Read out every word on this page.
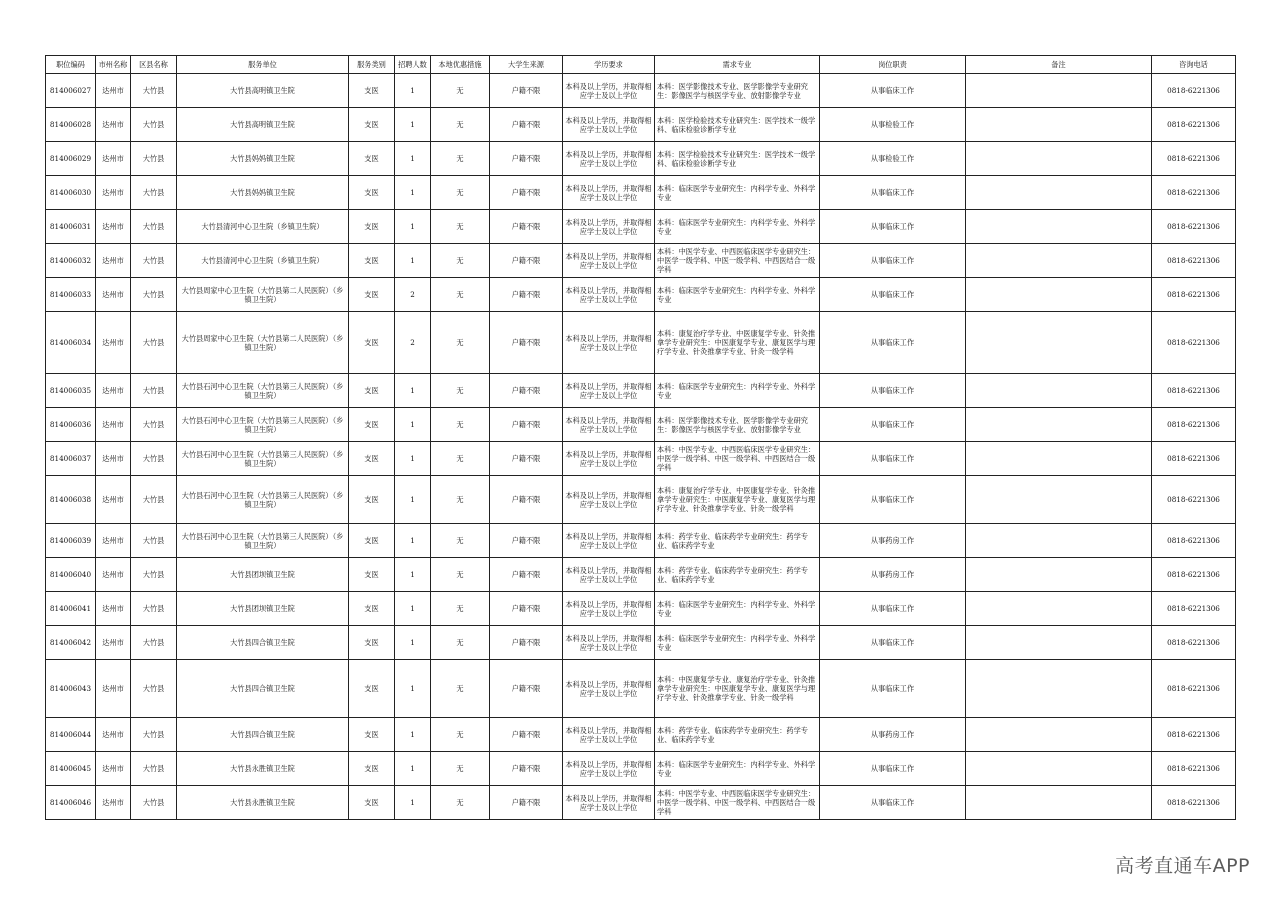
职位编码	市州名称	区县名称	服务单位	服务类别	招聘人数	本地优惠措施	大学生来源	学历要求	需求专业	岗位职责	备注	咨询电话
814006027	达州市	大竹县	大竹县高明镇卫生院	支医	1	无	户籍不限	本科及以上学历，并取得相应学士及以上学位	本科：医学影像技术专业、医学影像学专业研究生：影像医学与核医学专业、放射影像学专业	从事临床工作		0818-6221306
814006028	达州市	大竹县	大竹县高明镇卫生院	支医	1	无	户籍不限	本科及以上学历，并取得相应学士及以上学位	本科：医学检验技术专业研究生：医学技术一级学科、临床检验诊断学专业	从事检验工作		0818-6221306
814006029	达州市	大竹县	大竹县妈妈镇卫生院	支医	1	无	户籍不限	本科及以上学历，并取得相应学士及以上学位	本科：医学检验技术专业研究生：医学技术一级学科、临床检验诊断学专业	从事检验工作		0818-6221306
814006030	达州市	大竹县	大竹县妈妈镇卫生院	支医	1	无	户籍不限	本科及以上学历，并取得相应学士及以上学位	本科：临床医学专业研究生：内科学专业、外科学专业	从事临床工作		0818-6221306
814006031	达州市	大竹县	大竹县清河中心卫生院（乡镇卫生院）	支医	1	无	户籍不限	本科及以上学历，并取得相应学士及以上学位	本科：临床医学专业研究生：内科学专业、外科学专业	从事临床工作		0818-6221306
814006032	达州市	大竹县	大竹县清河中心卫生院（乡镇卫生院）	支医	1	无	户籍不限	本科及以上学历，并取得相应学士及以上学位	本科：中医学专业、中西医临床医学专业研究生：中医学一级学科、中医一级学科、中西医结合一级学科	从事临床工作		0818-6221306
814006033	达州市	大竹县	大竹县周家中心卫生院（大竹县第二人民医院）（乡镇卫生院）	支医	2	无	户籍不限	本科及以上学历，并取得相应学士及以上学位	本科：临床医学专业研究生：内科学专业、外科学专业	从事临床工作		0818-6221306
814006034	达州市	大竹县	大竹县周家中心卫生院（大竹县第二人民医院）（乡镇卫生院）	支医	2	无	户籍不限	本科及以上学历，并取得相应学士及以上学位	本科：康复治疗学专业、中医康复学专业、针灸推拿学专业研究生：中医康复学专业、康复医学与理疗学专业、针灸推拿学专业、针灸一级学科	从事临床工作		0818-6221306
814006035	达州市	大竹县	大竹县石河中心卫生院（大竹县第三人民医院）（乡镇卫生院）	支医	1	无	户籍不限	本科及以上学历，并取得相应学士及以上学位	本科：临床医学专业研究生：内科学专业、外科学专业	从事临床工作		0818-6221306
814006036	达州市	大竹县	大竹县石河中心卫生院（大竹县第三人民医院）（乡镇卫生院）	支医	1	无	户籍不限	本科及以上学历，并取得相应学士及以上学位	本科：医学影像技术专业、医学影像学专业研究生：影像医学与核医学专业、放射影像学专业	从事临床工作		0818-6221306
814006037	达州市	大竹县	大竹县石河中心卫生院（大竹县第三人民医院）（乡镇卫生院）	支医	1	无	户籍不限	本科及以上学历，并取得相应学士及以上学位	本科：中医学专业、中西医临床医学专业研究生：中医学一级学科、中医一级学科、中西医结合一级学科	从事临床工作		0818-6221306
814006038	达州市	大竹县	大竹县石河中心卫生院（大竹县第三人民医院）（乡镇卫生院）	支医	1	无	户籍不限	本科及以上学历，并取得相应学士及以上学位	本科：康复治疗学专业、中医康复学专业、针灸推拿学专业研究生：中医康复学专业、康复医学与理疗学专业、针灸推拿学专业、针灸一级学科	从事临床工作		0818-6221306
814006039	达州市	大竹县	大竹县石河中心卫生院（大竹县第三人民医院）（乡镇卫生院）	支医	1	无	户籍不限	本科及以上学历，并取得相应学士及以上学位	本科：药学专业、临床药学专业研究生：药学专业、临床药学专业	从事药房工作		0818-6221306
814006040	达州市	大竹县	大竹县团坝镇卫生院	支医	1	无	户籍不限	本科及以上学历，并取得相应学士及以上学位	本科：药学专业、临床药学专业研究生：药学专业、临床药学专业	从事药房工作		0818-6221306
814006041	达州市	大竹县	大竹县团坝镇卫生院	支医	1	无	户籍不限	本科及以上学历，并取得相应学士及以上学位	本科：临床医学专业研究生：内科学专业、外科学专业	从事临床工作		0818-6221306
814006042	达州市	大竹县	大竹县四合镇卫生院	支医	1	无	户籍不限	本科及以上学历，并取得相应学士及以上学位	本科：临床医学专业研究生：内科学专业、外科学专业	从事临床工作		0818-6221306
814006043	达州市	大竹县	大竹县四合镇卫生院	支医	1	无	户籍不限	本科及以上学历，并取得相应学士及以上学位	本科：中医康复学专业、康复治疗学专业、针灸推拿学专业研究生：中医康复学专业、康复医学与理疗学专业、针灸推拿学专业、针灸一级学科	从事临床工作		0818-6221306
814006044	达州市	大竹县	大竹县四合镇卫生院	支医	1	无	户籍不限	本科及以上学历，并取得相应学士及以上学位	本科：药学专业、临床药学专业研究生：药学专业、临床药学专业	从事药房工作		0818-6221306
814006045	达州市	大竹县	大竹县永胜镇卫生院	支医	1	无	户籍不限	本科及以上学历，并取得相应学士及以上学位	本科：临床医学专业研究生：内科学专业、外科学专业	从事临床工作		0818-6221306
814006046	达州市	大竹县	大竹县永胜镇卫生院	支医	1	无	户籍不限	本科及以上学历，并取得相应学士及以上学位	本科：中医学专业、中西医临床医学专业研究生：中医学一级学科、中医一级学科、中西医结合一级学科	从事临床工作		0818-6221306
高考直通车APP
